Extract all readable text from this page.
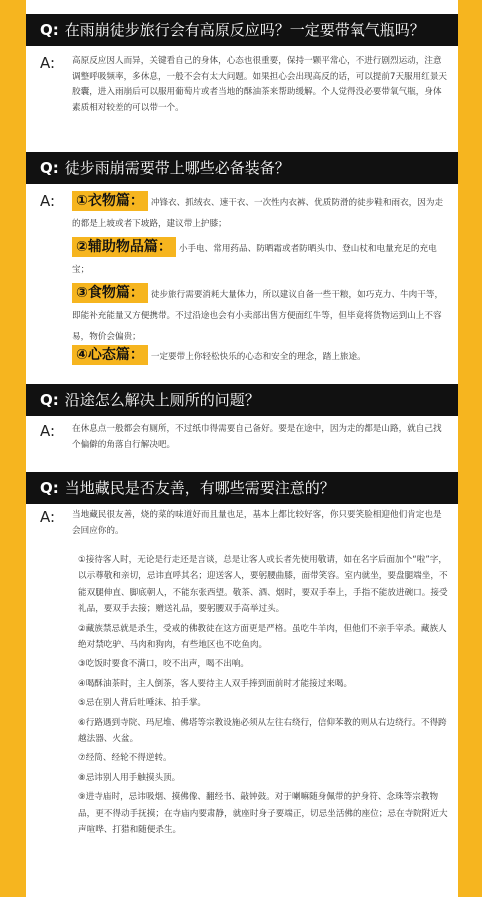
Q: 在雨崩徒步旅行会有高原反应吗？一定要带氧气瓶吗？
A: 高原反应因人而异，关键看自己的身体，心态也很重要，保持一颗平常心，不进行剧烈运动，注意调整呼吸频率，多休息，一般不会有太大问题。如果担心会出现高反的话，可以提前7天服用红景天胶囊，进入雨崩后可以服用葡萄片或者当地的酥油茶来帮助缓解。个人觉得没必要带氧气瓶，身体素质相对较差的可以带一个。
Q: 徒步雨崩需要带上哪些必备装备？
A: ①衣物篇： 冲锋衣、抓绒衣、速干衣、一次性内衣裤、优质防滑的徒步鞋和雨衣，因为走的都是上坡或者下坡路，建议带上护膝；
②辅助物品篇： 小手电、常用药品、防晒霜或者防晒头巾、登山杖和电量充足的充电宝；
③食物篇： 徒步旅行需要消耗大量体力，所以建议自备一些干粮，如巧克力、牛肉干等，即能补充能量又方便携带。不过沿途也会有小卖部出售方便面红牛等，但毕竟将货物运到山上不容易，物价会偏贵；
④心态篇： 一定要带上你轻松快乐的心态和安全的理念，踏上旅途。
Q: 沿途怎么解决上厕所的问题？
A: 在休息点一般都会有厕所，不过纸巾得需要自己备好。要是在途中，因为走的都是山路，就自己找个偏僻的角落自行解决吧。
Q: 当地藏民是否友善，有哪些需要注意的？
A: 当地藏民很友善，烧的菜的味道好而且量也足，基本上都比较好客，你只要笑脸相迎他们肯定也是会回应你的。
①接待客人时，无论是行走还是言谈，总是让客人或长者先使用敬请，如在名字后面加个“啦”字，以示尊敬和亲切，忌讳直呼其名；迎送客人，要躬腰曲膝，面带笑容。室内就坐，要盘腿端坐，不能双腿伸直、脚底朝人，不能东张西望。敬茶、酒、烟时，要双手奉上，手指不能放进碗口。接受礼品，要双手去接；赠送礼品，要躬腰双手高举过头。
②藏族禁忌就是杀生，受戒的佛教徒在这方面更是严格。虽吃牛羊肉，但他们不亲手宰杀。藏族人绝对禁吃驴、马肉和狗肉，有些地区也不吃鱼肉。
③吃饭时要食不满口，咬不出声，喝不出响。
④喝酥油茶时，主人倒茶，客人要待主人双手捧到面前时才能接过来喝。
⑤忌在别人背后吐唾沫、拍手掌。
⑥行路遇到寺院、玛尼堆、佛塔等宗教设施必须从左往右绕行，信仰苯教的则从右边绕行。不得跨越法器、火盆。
⑦经筒、经轮不得逆转。
⑧忌讳别人用手触摸头顶。
⑨进寺庙时，忌讳吸烟、摸佛像、翻经书、敲钟鼓。对于喇嘛随身佩带的护身符、念珠等宗教物品，更不得动手抚摸；在寺庙内要肃静，就座时身子要端正，切忌坐活佛的座位；忌在寺院附近大声喧哗、打猎和随便杀生。
